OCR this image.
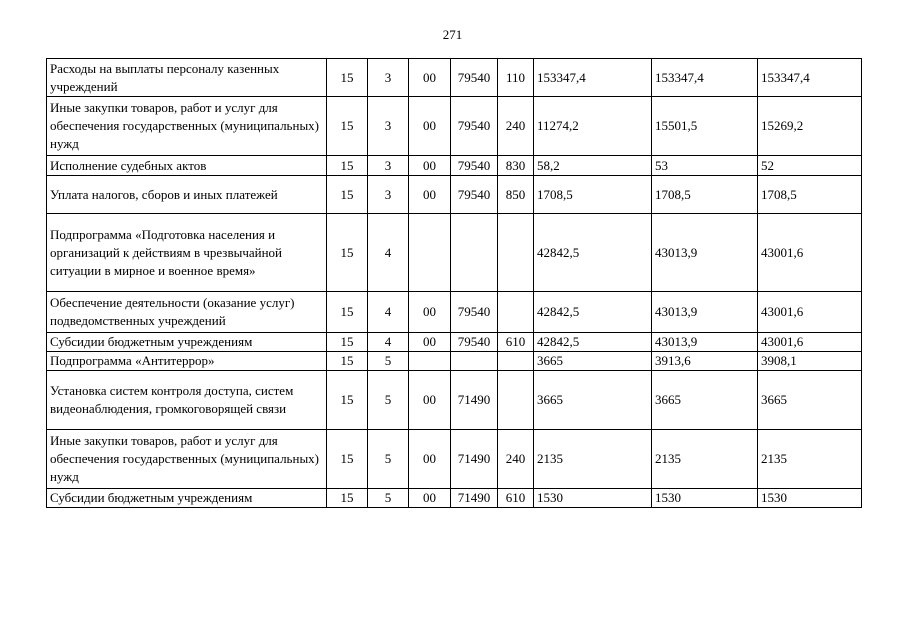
271
Расходы на выплаты персоналу казенных учреждений	15	3	00	79540	110	153347,4	153347,4	153347,4
Иные закупки товаров, работ и услуг для обеспечения государственных (муниципальных) нужд	15	3	00	79540	240	11274,2	15501,5	15269,2
Исполнение судебных актов	15	3	00	79540	830	58,2	53	52
Уплата налогов, сборов и иных платежей	15	3	00	79540	850	1708,5	1708,5	1708,5
Подпрограмма «Подготовка населения и организаций к действиям в чрезвычайной ситуации в мирное и военное время»	15	4				42842,5	43013,9	43001,6
Обеспечение деятельности (оказание услуг) подведомственных учреждений	15	4	00	79540		42842,5	43013,9	43001,6
Субсидии бюджетным учреждениям	15	4	00	79540	610	42842,5	43013,9	43001,6
Подпрограмма «Антитеррор»	15	5				3665	3913,6	3908,1
Установка систем контроля доступа, систем видеонаблюдения, громкоговорящей связи	15	5	00	71490		3665	3665	3665
Иные закупки товаров, работ и услуг для обеспечения государственных (муниципальных) нужд	15	5	00	71490	240	2135	2135	2135
Субсидии бюджетным учреждениям	15	5	00	71490	610	1530	1530	1530
